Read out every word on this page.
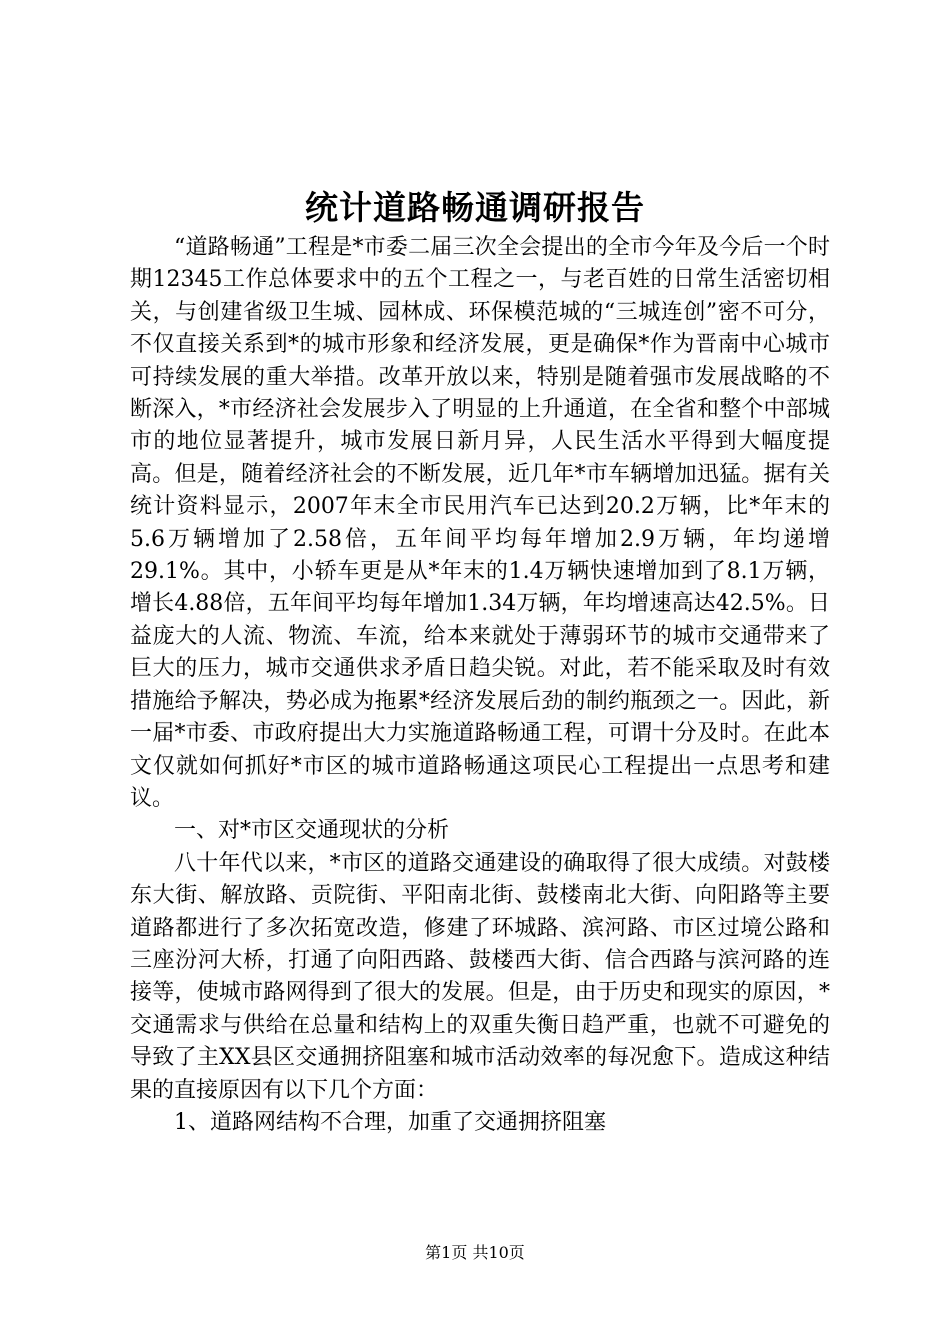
统计道路畅通调研报告

“道路畅通”工程是*市委二届三次全会提出的全市今年及今后一个时期12345工作总体要求中的五个工程之一，与老百姓的日常生活密切相关，与创建省级卫生城、园林成、环保模范城的“三城连创”密不可分，不仅直接关系到*的城市形象和经济发展，更是确保*作为晋南中心城市可持续发展的重大举措。改革开放以来，特别是随着强市发展战略的不断深入，*市经济社会发展步入了明显的上升通道，在全省和整个中部城市的地位显著提升，城市发展日新月异，人民生活水平得到大幅度提高。但是，随着经济社会的不断发展，近几年*市车辆增加迅猛。据有关统计资料显示，2007年末全市民用汽车已达到20.2万辆，比*年末的5.6万辆增加了2.58倍，五年间平均每年增加2.9万辆，年均递增29.1%。其中，小轿车更是从*年末的1.4万辆快速增加到了8.1万辆，增长4.88倍，五年间平均每年增加1.34万辆，年均增速高达42.5%。日益庞大的人流、物流、车流，给本来就处于薄弱环节的城市交通带来了巨大的压力，城市交通供求矛盾日趋尖锐。对此，若不能采取及时有效措施给予解决，势必成为拖累*经济发展后劲的制约瓶颈之一。因此，新一届*市委、市政府提出大力实施道路畅通工程，可谓十分及时。在此本文仅就如何抓好*市区的城市道路畅通这项民心工程提出一点思考和建议。

一、对*市区交通现状的分析

八十年代以来，*市区的道路交通建设的确取得了很大成绩。对鼓楼东大街、解放路、贡院街、平阳南北街、鼓楼南北大街、向阳路等主要道路都进行了多次拓宽改造，修建了环城路、滨河路、市区过境公路和三座汾河大桥，打通了向阳西路、鼓楼西大街、信合西路与滨河路的连接等，使城市路网得到了很大的发展。但是，由于历史和现实的原因，*交通需求与供给在总量和结构上的双重失衡日趋严重，也就不可避免的导致了主XX县区交通拥挤阻塞和城市活动效率的每况愈下。造成这种结果的直接原因有以下几个方面：

1、道路网结构不合理，加重了交通拥挤阻塞

第1页 共10页
